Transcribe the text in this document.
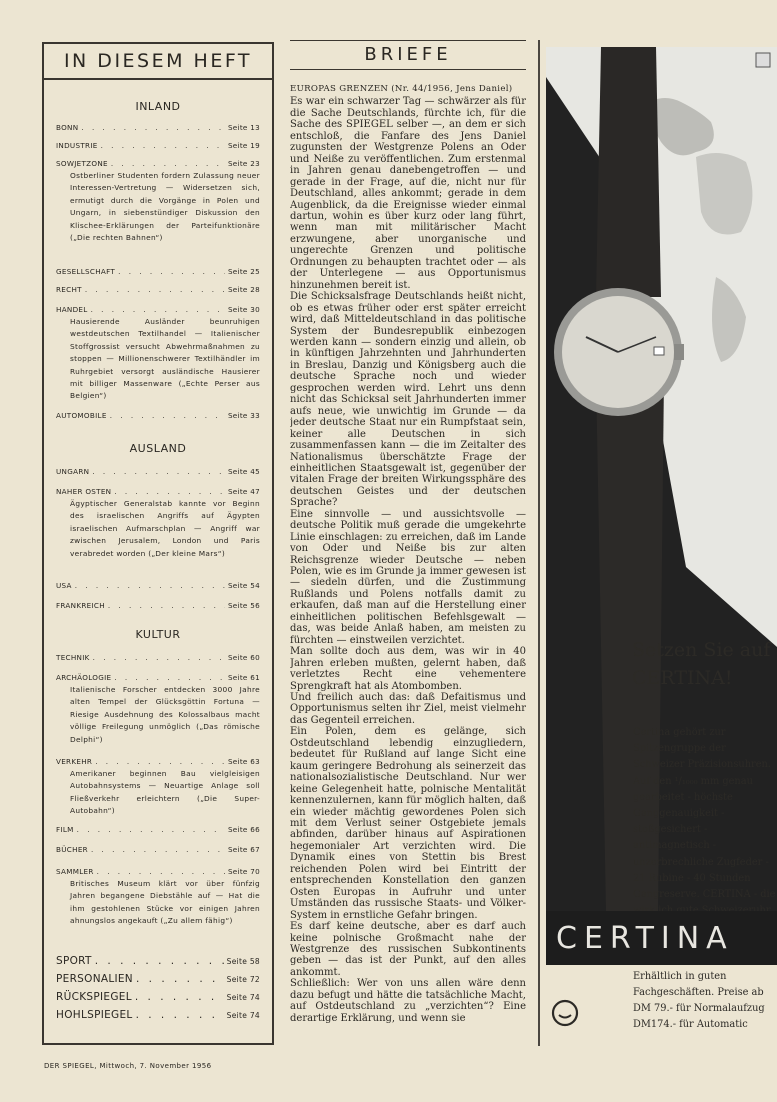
IN DIESEM HEFT
INLAND
BONN . . .	Seite 13
INDUSTRIE . . .	Seite 19
SOWJETZONE . . .	Seite 23
Ostberliner Studenten fordern Zulassung neuer Interessen-Vertretung — Widersetzen sich, ermutigt durch die Vorgänge in Polen und Ungarn, in siebenstündiger Diskussion den Klischee-Erklärungen der Parteifunktionäre („Die rechten Bahnen“)
GESELLSCHAFT . . .	Seite 25
RECHT . . .	Seite 28
HANDEL . . .	Seite 30
Hausierende Ausländer beunruhigen westdeutschen Textilhandel — Italienischer Stoffgrossist versucht Abwehrmaßnahmen zu stoppen — Millionenschwerer Textilhändler im Ruhrgebiet versorgt ausländische Hausierer mit billiger Massenware („Echte Perser aus Belgien“)
AUTOMOBILE . . .	Seite 33
AUSLAND
UNGARN . . .	Seite 45
NAHER OSTEN . . .	Seite 47
Ägyptischer Generalstab kannte vor Beginn des israelischen Angriffs auf Ägypten israelischen Aufmarschplan — Angriff war zwischen Jerusalem, London und Paris verabredet worden („Der kleine Mars“)
USA . . .	Seite 54
FRANKREICH . . .	Seite 56
KULTUR
TECHNIK . . .	Seite 60
ARCHÄOLOGIE . . .	Seite 61
Italienische Forscher entdecken 3000 Jahre alten Tempel der Glücksgöttin Fortuna — Riesige Ausdehnung des Kolossalbaus macht völlige Freilegung unmöglich („Das römische Delphi“)
VERKEHR . . .	Seite 63
Amerikaner beginnen Bau vielgleisigen Autobahnsystems — Neuartige Anlage soll Fließverkehr erleichtern („Die Super-Autobahn“)
FILM . . .	Seite 66
BÜCHER . . .	Seite 67
SAMMLER . . .	Seite 70
Britisches Museum klärt vor über fünfzig Jahren begangene Diebstähle auf — Hat die ihm gestohlenen Stücke vor einigen Jahren ahnungslos angekauft („Zu allem fähig“)
SPORT . . .	Seite 58
PERSONALIEN . . .	Seite 72
RÜCKSPIEGEL . . .	Seite 74
HOHLSPIEGEL . . .	Seite 74
BRIEFE

EUROPAS GRENZEN (Nr. 44/1956, Jens Daniel)

Es war ein schwarzer Tag — schwärzer als für die Sache Deutschlands, fürchte ich, für die Sache des SPIEGEL selber —, an dem er sich entschloß, die Fanfare des Jens Daniel zugunsten der Westgrenze Polens an Oder und Neiße zu veröffentlichen. Zum erstenmal in Jahren genau danebengetroffen — und gerade in der Frage, auf die, nicht nur für Deutschland, alles ankommt; gerade in dem Augenblick, da die Ereignisse wieder einmal dartun, wohin es über kurz oder lang führt, wenn man mit militärischer Macht erzwungene, aber unorganische und ungerechte Grenzen und politische Ordnungen zu behaupten trachtet oder — als der Unterlegene — aus Opportunismus hinzunehmen bereit ist.

Die Schicksalsfrage Deutschlands heißt nicht, ob es etwas früher oder erst später erreicht wird, daß Mitteldeutschland in das politische System der Bundesrepublik einbezogen werden kann — sondern einzig und allein, ob in künftigen Jahrzehnten und Jahrhunderten in Breslau, Danzig und Königsberg auch die deutsche Sprache noch und wieder gesprochen werden wird. Lehrt uns denn nicht das Schicksal seit Jahrhunderten immer aufs neue, wie unwichtig im Grunde — da jeder deutsche Staat nur ein Rumpfstaat sein, keiner alle Deutschen in sich zusammenfassen kann — die im Zeitalter des Nationalismus überschätzte Frage der einheitlichen Staatsgewalt ist, gegenüber der vitalen Frage der breiten Wirkungssphäre des deutschen Geistes und der deutschen Sprache?

Eine sinnvolle — und aussichtsvolle — deutsche Politik muß gerade die umgekehrte Linie einschlagen: zu erreichen, daß im Lande von Oder und Neiße bis zur alten Reichsgrenze wieder Deutsche — neben Polen, wie es im Grunde ja immer gewesen ist — siedeln dürfen, und die Zustimmung Rußlands und Polens notfalls damit zu erkaufen, daß man auf die Herstellung einer einheitlichen politischen Befehlsgewalt — das, was beide Anlaß haben, am meisten zu fürchten — einstweilen verzichtet.

Man sollte doch aus dem, was wir in 40 Jahren erleben mußten, gelernt haben, daß verletztes Recht eine vehementere Sprengkraft hat als Atombomben.

Und freilich auch das: daß Defaitismus und Opportunismus selten ihr Ziel, meist vielmehr das Gegenteil erreichen.

Ein Polen, dem es gelänge, sich Ostdeutschland lebendig einzugliedern, bedeutet für Rußland auf lange Sicht eine kaum geringere Bedrohung als seinerzeit das nationalsozialistische Deutschland. Nur wer keine Gelegenheit hatte, polnische Mentalität kennenzulernen, kann für möglich halten, daß ein wieder mächtig gewordenes Polen sich mit dem Verlust seiner Ostgebiete jemals abfinden, darüber hinaus auf Aspirationen hegemonialer Art verzichten wird. Die Dynamik eines von Stettin bis Brest reichenden Polen wird bei Eintritt der entsprechenden Konstellation den ganzen Osten Europas in Aufruhr und unter Umständen das russische Staats- und Völker-System in ernstliche Gefahr bringen.

Es darf keine deutsche, aber es darf auch keine polnische Großmacht nahe der Westgrenze des russischen Subkontinents geben — das ist der Punkt, auf den alles ankommt.

Schließlich: Wer von uns allen wäre denn dazu befugt und hätte die tatsächliche Macht, auf Ostdeutschland zu „verzichten“? Eine derartige Erklärung, und wenn sie

Setzen Sie auf
CERTINA!
Certina gehört zur Spitzengruppe der Schweizer Präzisionsuhren. Auf den ¹/₁₀₀₀ mm genau gearbeitet - höchste Ganggenauigkeit - stoßgesichert - antimagnetisch - unzerbrechliche Zugfeder - 21 Rubine - 40 Stunden Gangreserve. CERTINA - die
CERTINA
Erhältlich in guten Fachgeschäften. Preise ab
DM 79.- für Normalaufzug
DM174.- für Automatic
DER SPIEGEL, Mittwoch, 7. November 1956
